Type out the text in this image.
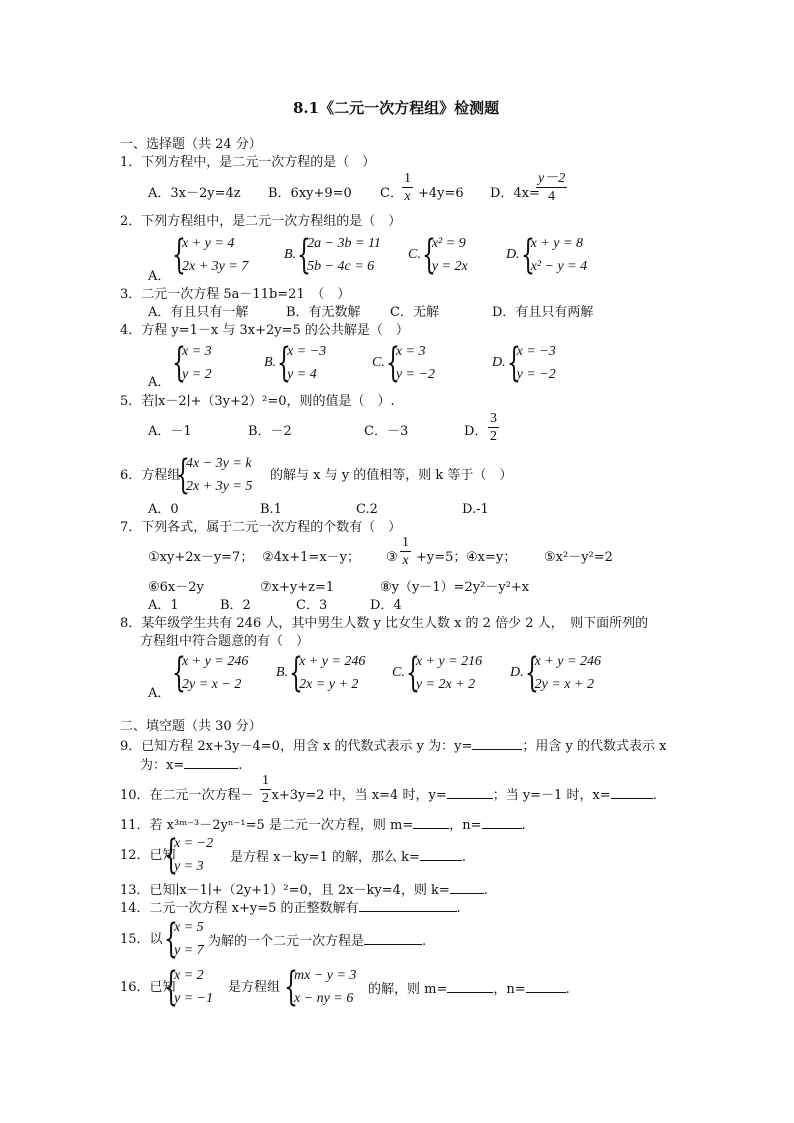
8.1《二元一次方程组》检测题
一、选择题（共 24 分）
1．下列方程中，是二元一次方程的是（　）
A．3x－2y=4z B．6xy+9=0 C． $\frac{1}{x} +4y=6$ D．4x=
$\frac{y-2}{4}$
2．下列方程组中，是二元一次方程组的是（　）
A． {
x + y = 4
2x + 3y = 7
B. {
2a − 3b = 11
5b − 4c = 6
C. {
x² = 9
y = 2x
D. {
x + y = 8
x² − y = 4
3．二元一次方程 5a－11b=21　（　）
A．有且只有一解	B．有无数解 C．无解	D．有且只有两解
4．方程 y=1－x 与 3x+2y=5 的公共解是（　）
A． {
x = 3
y = 2
B. {
x = −3
y = 4
C. {
x = 3
y = −2
D. {
x = −3
y = −2
5．若∣x－2∣+（3y+2）²=0，则的值是（　）.
A．－1	B．－2	C．－3	D． $\frac{3}{2}$
6．方程组
{
4x − 3y = k
2x + 3y = 5
的解与 x 与 y 的值相等，则 k 等于（　）
A．0	B.1	C.2	D.-1
7．下列各式，属于二元一次方程的个数有（　）
①xy+2x－y=7； ②4x+1=x－y； ③ $\frac{1}{x} +y=5$； ④x=y； ⑤x²－y²=2
⑥6x－2y	⑦x+y+z=1	⑧y（y－1）=2y²－y²+x
A．1	B．2	C．3	D．4
8．某年级学生共有 246 人，其中男生人数 y 比女生人数 x 的 2 倍少 2 人，　则下面所列的
方程组中符合题意的有（　）
A． {
x + y = 246
2y = x − 2
B. {
x + y = 246
2x = y + 2
C. {
x + y = 216
y = 2x + 2
D. {
x + y = 246
2y = x + 2
二、填空题（共 30 分）
9．已知方程 2x+3y－4=0，用含 x 的代数式表示 y 为：y=	；用含 y 的代数式表示 x
为：x=	.
10．在二元一次方程－ x+3y=2 中，当 x=4 时，y=	；当 y=－1 时，x=	.
$\frac{1}{2}$
11．若 x³ᵐ⁻³－2yⁿ⁻¹=5 是二元一次方程，则 m=	，n=	.
12．已知
{
x = −2
y = 3
是方程 x－ky=1 的解，那么 k=	.
13．已知∣x－1∣+（2y+1）²=0，且 2x－ky=4，则 k=	.
14．二元一次方程 x+y=5 的正整数解有	.
15．以 {
x = 5
y = 7
为解的一个二元一次方程是	.
16．已知
{
x = 2
y = −1
是方程组 {
mx − y = 3
x − ny = 6
的解，则 m=	，n=	.
